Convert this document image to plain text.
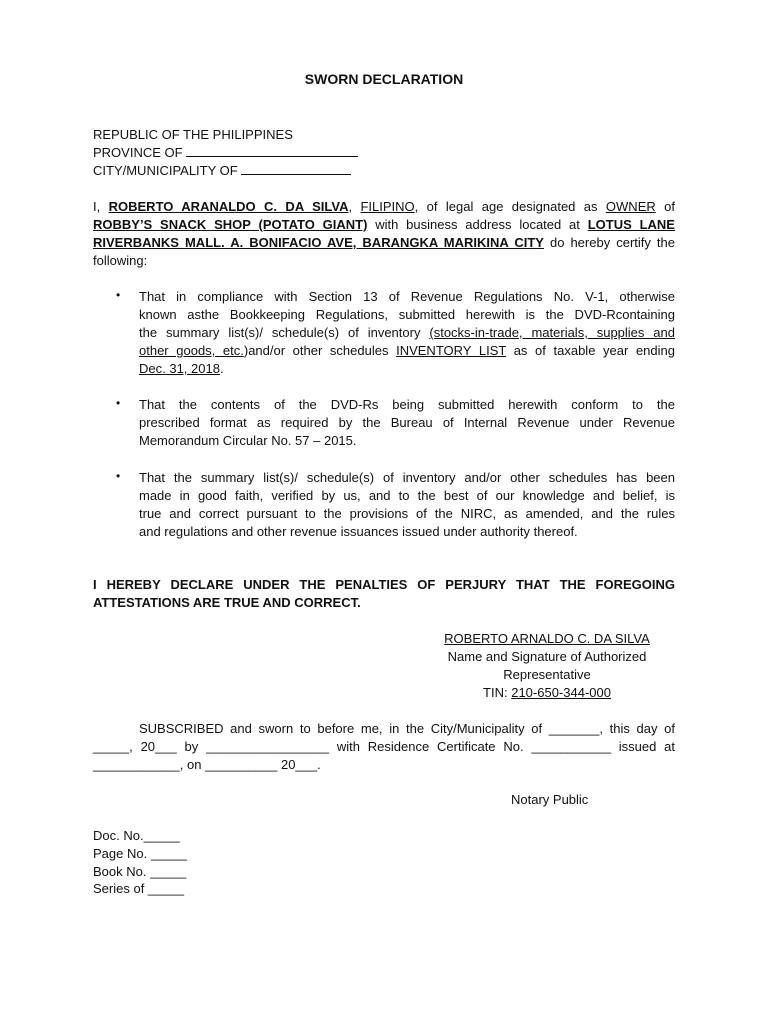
SWORN DECLARATION
REPUBLIC OF THE PHILIPPINES
PROVINCE OF
CITY/MUNICIPALITY OF
I, ROBERTO ARANALDO C. DA SILVA, FILIPINO, of legal age designated as OWNER of
ROBBY’S SNACK SHOP (POTATO GIANT) with business address located at LOTUS LANE
RIVERBANKS MALL. A. BONIFACIO AVE, BARANGKA MARIKINA CITY do hereby certify the
following:
• That in compliance with Section 13 of Revenue Regulations No. V-1, otherwise
known asthe Bookkeeping Regulations, submitted herewith is the DVD-Rcontaining
the summary list(s)/ schedule(s) of inventory (stocks-in-trade, materials, supplies and
other goods, etc.)and/or other schedules INVENTORY LIST as of taxable year ending
Dec. 31, 2018.
• That the contents of the DVD-Rs being submitted herewith conform to the
prescribed format as required by the Bureau of Internal Revenue under Revenue
Memorandum Circular No. 57 – 2015.
• That the summary list(s)/ schedule(s) of inventory and/or other schedules has been
made in good faith, verified by us, and to the best of our knowledge and belief, is
true and correct pursuant to the provisions of the NIRC, as amended, and the rules
and regulations and other revenue issuances issued under authority thereof.
I HEREBY DECLARE UNDER THE PENALTIES OF PERJURY THAT THE FOREGOING
ATTESTATIONS ARE TRUE AND CORRECT.
ROBERTO ARNALDO C. DA SILVA
Name and Signature of Authorized
Representative
TIN: 210-650-344-000
SUBSCRIBED and sworn to before me, in the City/Municipality of _______, this day of
_____, 20___ by _________________ with Residence Certificate No. ___________ issued at
____________, on __________ 20___.
Notary Public
Doc. No._____
Page No. _____
Book No. _____
Series of _____
